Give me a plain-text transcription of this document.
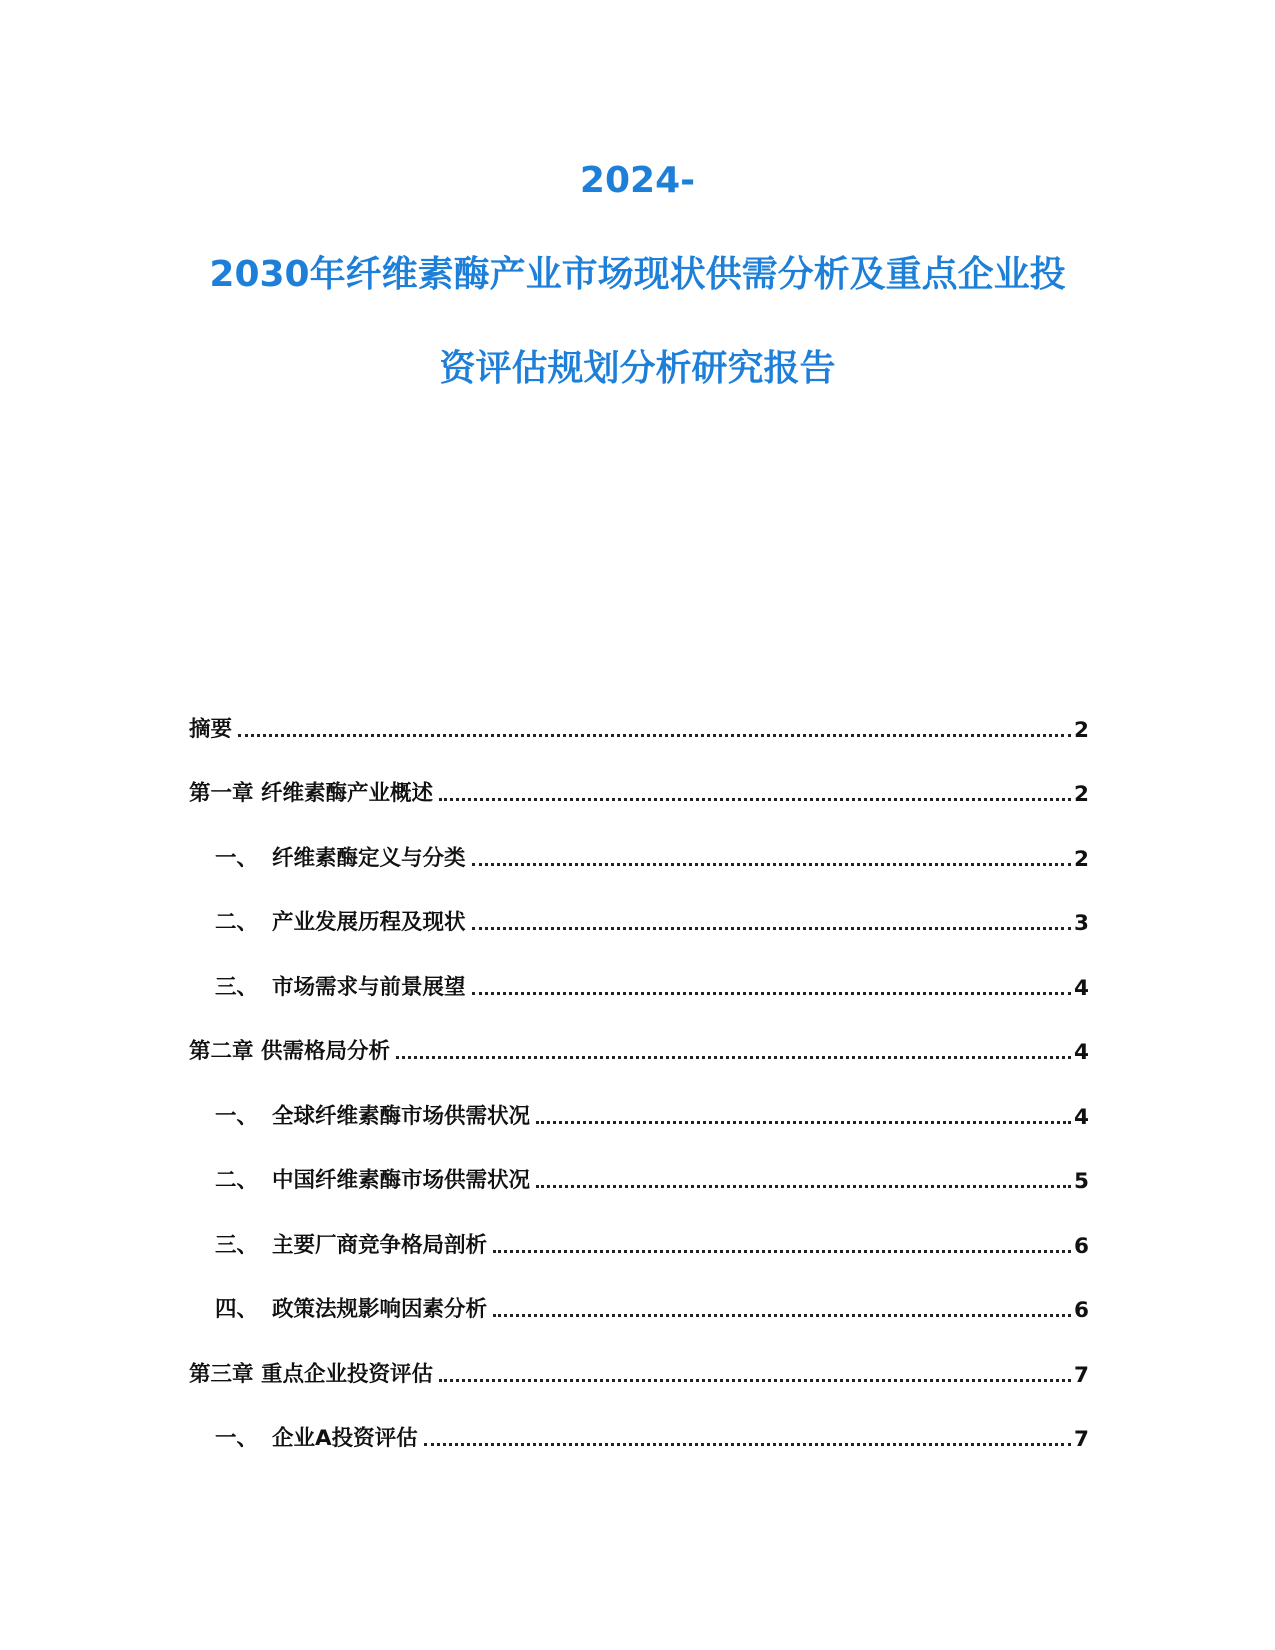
2024-
2030年纤维素酶产业市场现状供需分析及重点企业投
资评估规划分析研究报告
摘要	2
第一章 纤维素酶产业概述	2
一、 纤维素酶定义与分类	2
二、 产业发展历程及现状	3
三、 市场需求与前景展望	4
第二章 供需格局分析	4
一、 全球纤维素酶市场供需状况	4
二、 中国纤维素酶市场供需状况	5
三、 主要厂商竞争格局剖析	6
四、 政策法规影响因素分析	6
第三章 重点企业投资评估	7
一、 企业A投资评估	7
